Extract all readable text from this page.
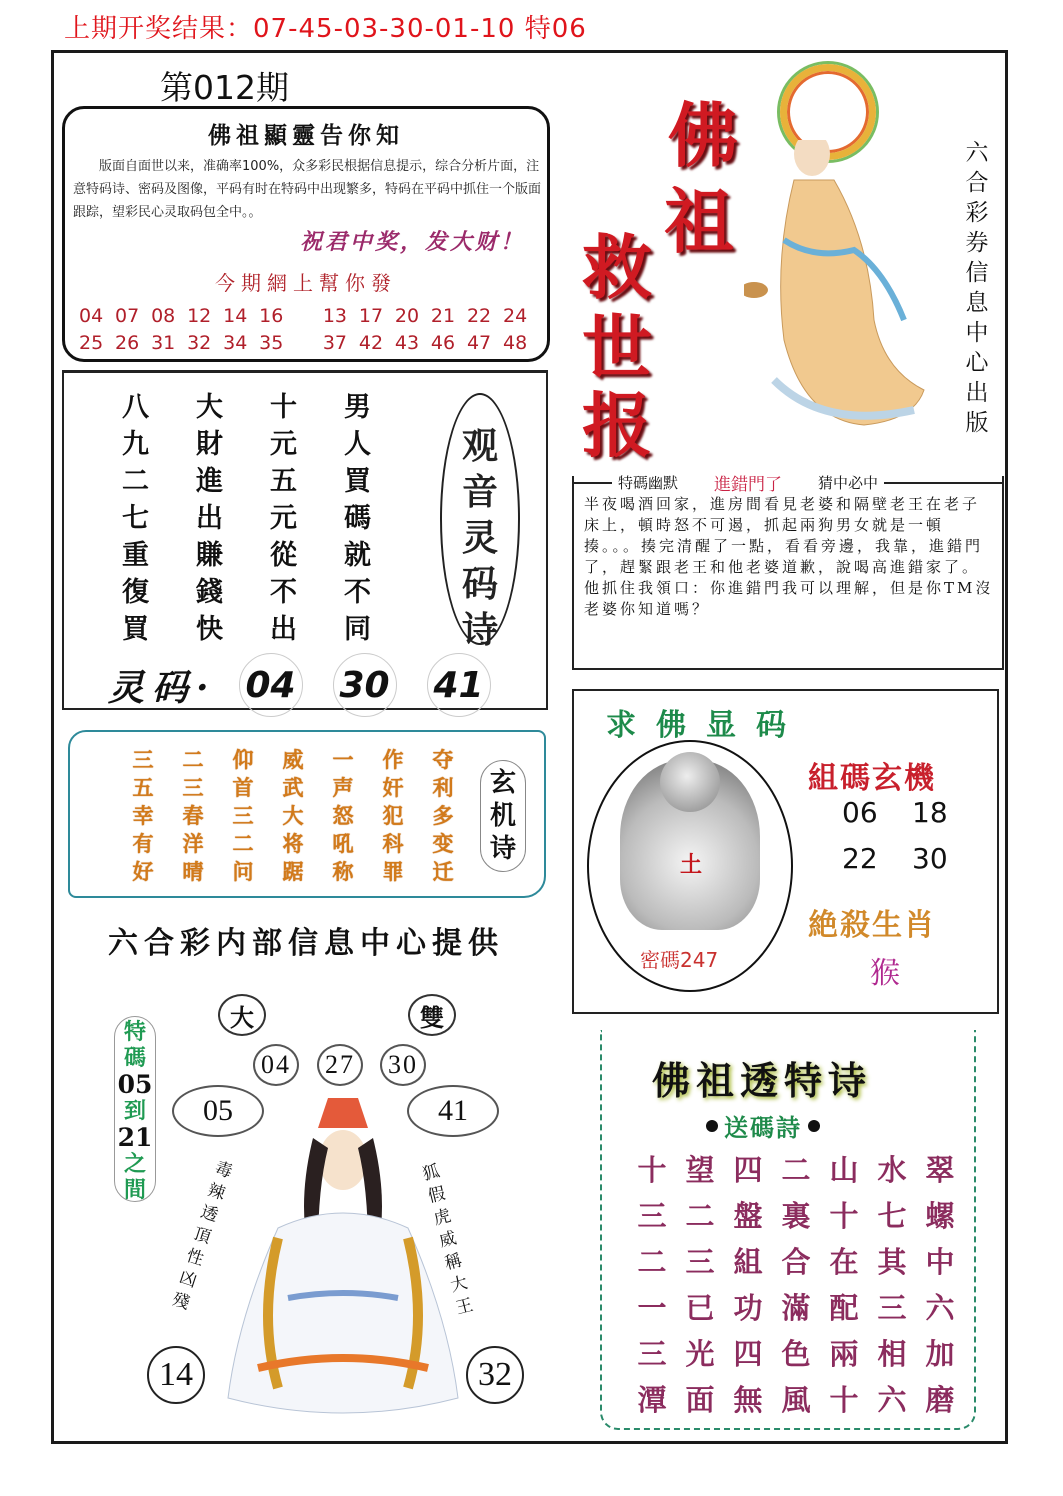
上期开奖结果：07-45-03-30-01-10 特06
第012期
佛祖顯靈告你知
版面自面世以来，准确率100%，众多彩民根据信息提示，综合分析片面，注意特码诗、密码及图像，平码有时在特码中出现繁多，特码在平码中抓住一个版面跟踪，望彩民心灵取码包全中。。
祝君中奖，发大财！
今期網上幫你發
04 07 08 12 14 16	13 17 20 21 22 24
25 26 31 32 34 35	37 42 43 46 47 48
八	大	十	男
九	財	元	人
二	進	五	買
七	出	元	碼
重	賺	從	就
復	錢	不	不
買	快	出	同
观
音
灵
码
诗
灵码· 04 30 41
三	二	仰	威	一	作	夺
五	三	首	武	声	奸	利
幸	春	三	大	怒	犯	多
有	洋	二	将	吼	科	变
好	晴	问	踞	称	罪	迁
玄
机
诗
六合彩内部信息中心提供
佛
祖
救
世
报
六
合
彩
券
信
息
中
心
出
版
特碼幽默	進錯門了	猜中必中
半夜喝酒回家，進房間看見老婆和隔壁老王在老子床上，頓時怒不可遏，抓起兩狗男女就是一頓揍。。。揍完清醒了一點，看看旁邊，我靠，進錯門了，趕緊跟老王和他老婆道歉，說喝高進錯家了。他抓住我領口：你進錯門我可以理解，但是你TM沒老婆你知道嗎？
求佛显码
土
密碼247
組碼玄機
06	18
22	30
絶殺生肖
猴
特
碼
05
到
21
之
間
大	雙
04	27	30
05	41
毒
辣
透
頂
性
凶
殘
狐
假
虎
威
稱
大
王
14	32
佛祖透特诗
送碼詩
十 望 四 二 山 水 翠
三 二 盤 裏 十 七 螺
二 三 組 合 在 其 中
一 已 功 滿 配 三 六
三 光 四 色 兩 相 加
潭 面 無 風 十 六 磨
